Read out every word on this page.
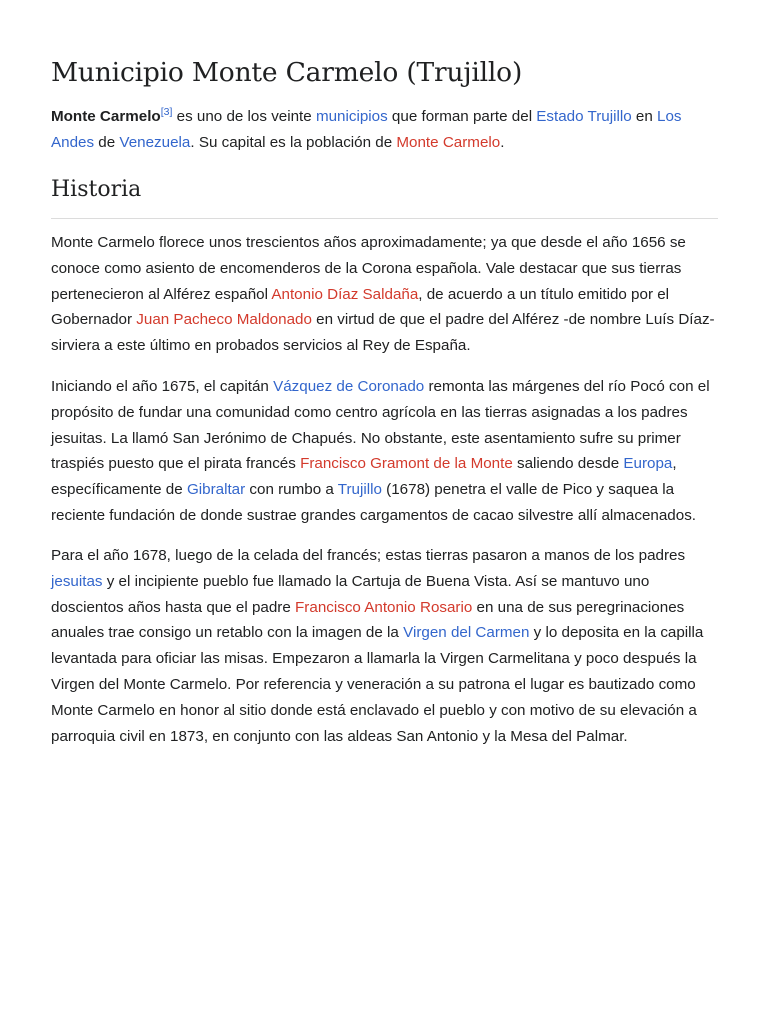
Municipio Monte Carmelo (Trujillo)

Monte Carmelo[3] es uno de los veinte municipios que forman parte del Estado Trujillo en Los Andes de Venezuela. Su capital es la población de Monte Carmelo.

Historia

Monte Carmelo florece unos trescientos años aproximadamente; ya que desde el año 1656 se conoce como asiento de encomenderos de la Corona española. Vale destacar que sus tierras pertenecieron al Alférez español Antonio Díaz Saldaña, de acuerdo a un título emitido por el Gobernador Juan Pacheco Maldonado en virtud de que el padre del Alférez -de nombre Luís Díaz- sirviera a este último en probados servicios al Rey de España.

Iniciando el año 1675, el capitán Vázquez de Coronado remonta las márgenes del río Pocó con el propósito de fundar una comunidad como centro agrícola en las tierras asignadas a los padres jesuitas. La llamó San Jerónimo de Chapués. No obstante, este asentamiento sufre su primer traspiés puesto que el pirata francés Francisco Gramont de la Monte saliendo desde Europa, específicamente de Gibraltar con rumbo a Trujillo (1678) penetra el valle de Pico y saquea la reciente fundación de donde sustrae grandes cargamentos de cacao silvestre allí almacenados.

Para el año 1678, luego de la celada del francés; estas tierras pasaron a manos de los padres jesuitas y el incipiente pueblo fue llamado la Cartuja de Buena Vista. Así se mantuvo uno doscientos años hasta que el padre Francisco Antonio Rosario en una de sus peregrinaciones anuales trae consigo un retablo con la imagen de la Virgen del Carmen y lo deposita en la capilla levantada para oficiar las misas. Empezaron a llamarla la Virgen Carmelitana y poco después la Virgen del Monte Carmelo. Por referencia y veneración a su patrona el lugar es bautizado como Monte Carmelo en honor al sitio donde está enclavado el pueblo y con motivo de su elevación a parroquia civil en 1873, en conjunto con las aldeas San Antonio y la Mesa del Palmar.
